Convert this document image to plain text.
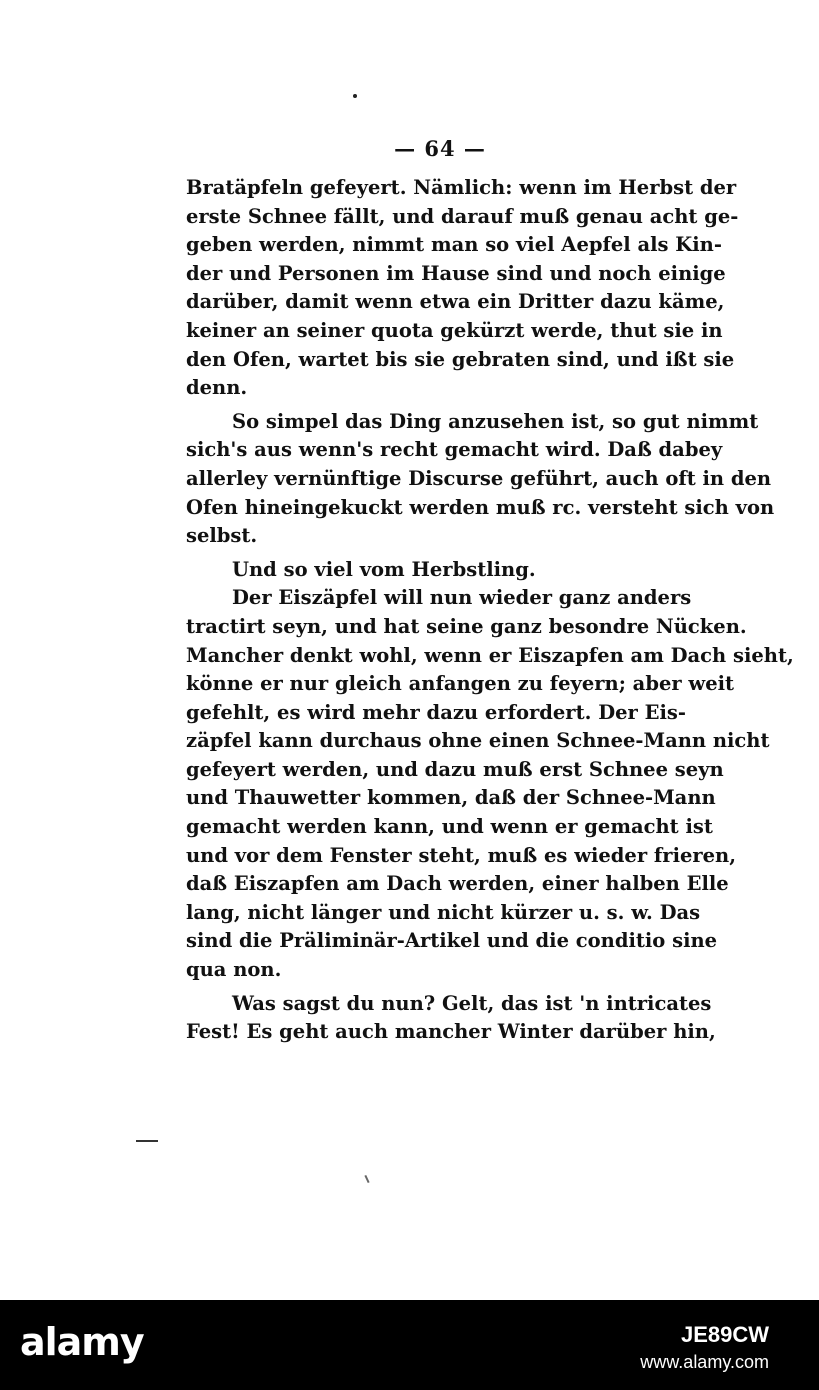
— 64 —
Bratäpfeln gefeyert. Nämlich: wenn im Herbst der
erste Schnee fällt, und darauf muß genau acht ge-
geben werden, nimmt man so viel Aepfel als Kin-
der und Personen im Hause sind und noch einige
darüber, damit wenn etwa ein Dritter dazu käme,
keiner an seiner quota gekürzt werde, thut sie in
den Ofen, wartet bis sie gebraten sind, und ißt sie
denn.
So simpel das Ding anzusehen ist, so gut nimmt
sich's aus wenn's recht gemacht wird. Daß dabey
allerley vernünftige Discurse geführt, auch oft in den
Ofen hineingekuckt werden muß rc. versteht sich von
selbst.
Und so viel vom Herbstling.
Der Eiszäpfel will nun wieder ganz anders
tractirt seyn, und hat seine ganz besondre Nücken.
Mancher denkt wohl, wenn er Eiszapfen am Dach sieht,
könne er nur gleich anfangen zu feyern; aber weit
gefehlt, es wird mehr dazu erfordert. Der Eis-
zäpfel kann durchaus ohne einen Schnee-Mann nicht
gefeyert werden, und dazu muß erst Schnee seyn
und Thauwetter kommen, daß der Schnee-Mann
gemacht werden kann, und wenn er gemacht ist
und vor dem Fenster steht, muß es wieder frieren,
daß Eiszapfen am Dach werden, einer halben Elle
lang, nicht länger und nicht kürzer u. s. w. Das
sind die Präliminär-Artikel und die conditio sine
qua non.
Was sagst du nun? Gelt, das ist 'n intricates
Fest! Es geht auch mancher Winter darüber hin,
alamy	JE89CW
www.alamy.com
